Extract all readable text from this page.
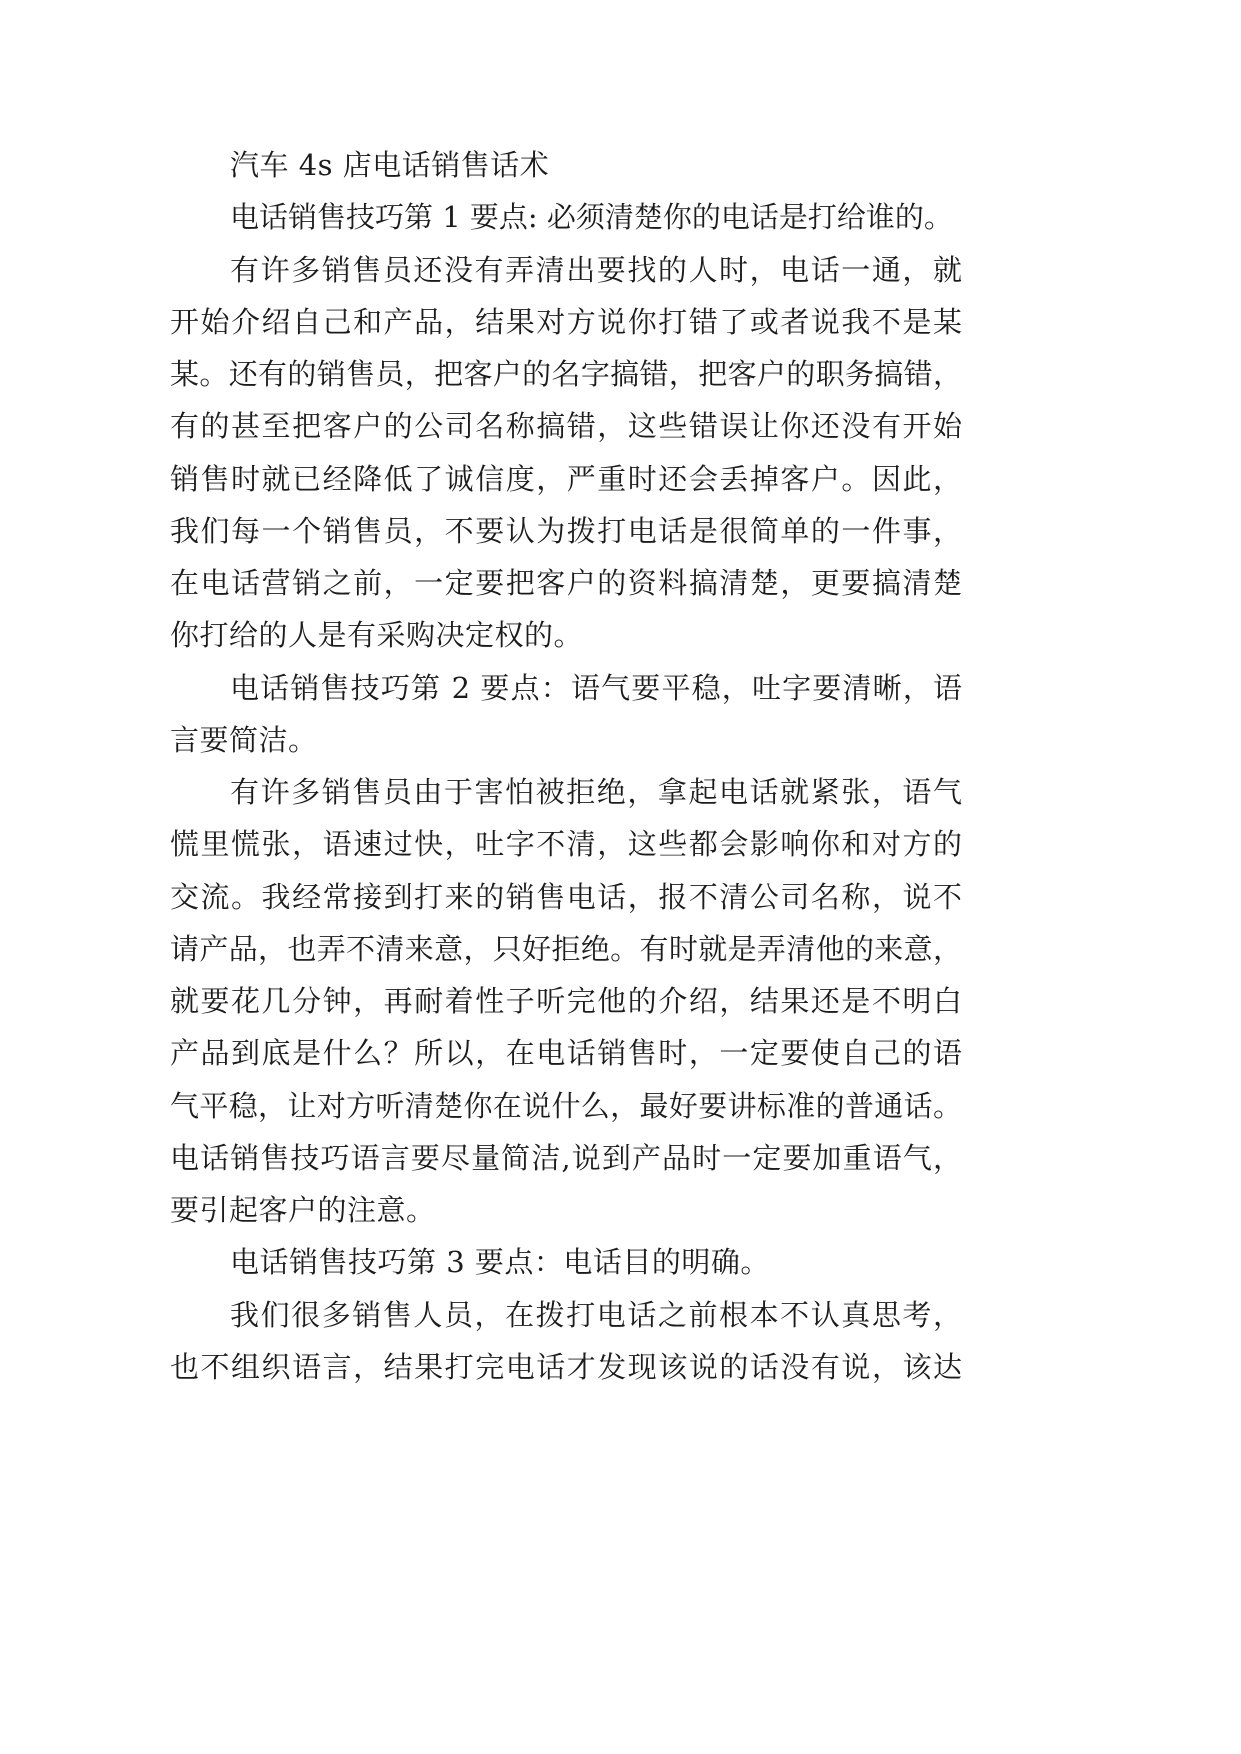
汽车 4s 店电话销售话术
电话销售技巧第 1 要点: 必须清楚你的电话是打给谁的。
有许多销售员还没有弄清出要找的人时，电话一通，就
开始介绍自己和产品，结果对方说你打错了或者说我不是某
某。还有的销售员，把客户的名字搞错，把客户的职务搞错，
有的甚至把客户的公司名称搞错，这些错误让你还没有开始
销售时就已经降低了诚信度，严重时还会丢掉客户。因此，
我们每一个销售员，不要认为拨打电话是很简单的一件事，
在电话营销之前，一定要把客户的资料搞清楚，更要搞清楚
你打给的人是有采购决定权的。
电话销售技巧第 2 要点：语气要平稳，吐字要清晰，语
言要简洁。
有许多销售员由于害怕被拒绝，拿起电话就紧张，语气
慌里慌张，语速过快，吐字不清，这些都会影响你和对方的
交流。我经常接到打来的销售电话，报不清公司名称，说不
请产品，也弄不清来意，只好拒绝。有时就是弄清他的来意，
就要花几分钟，再耐着性子听完他的介绍，结果还是不明白
产品到底是什么？所以，在电话销售时，一定要使自己的语
气平稳，让对方听清楚你在说什么，最好要讲标准的普通话。
电话销售技巧语言要尽量简洁,说到产品时一定要加重语气，
要引起客户的注意。
电话销售技巧第 3 要点：电话目的明确。
我们很多销售人员，在拨打电话之前根本不认真思考，
也不组织语言，结果打完电话才发现该说的话没有说，该达
